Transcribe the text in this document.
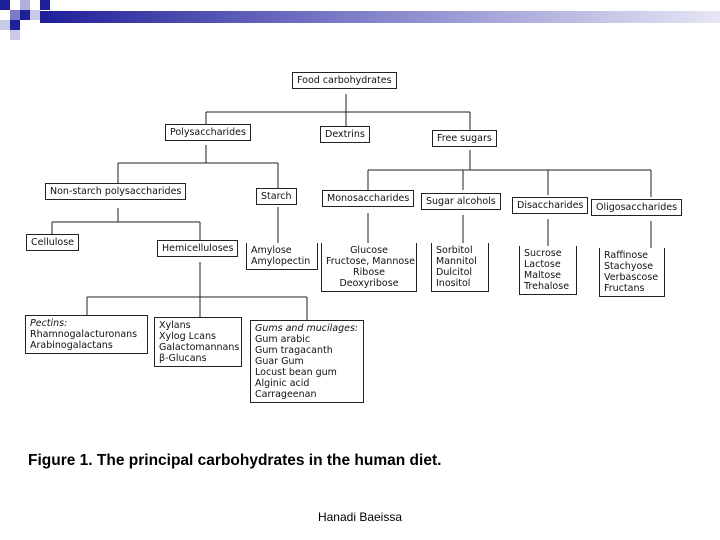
Food carbohydrates
Polysaccharides	Dextrins	Free sugars
Non-starch polysaccharides	Starch	Monosaccharides	Sugar alcohols	Disaccharides	Oligosaccharides
Cellulose
Hemicelluloses	Amylose
Amylopectin
Glucose
Fructose, Mannose
Ribose
Deoxyribose
Sorbitol
Mannitol
Dulcitol
Inositol
Sucrose
Lactose
Maltose
Trehalose
Raffinose
Stachyose
Verbascose
Fructans
Pectins:
Rhamnogalacturonans
Arabinogalactans
Xylans
Xylog Lcans
Galactomannans
β-Glucans
Gums and mucilages:
Gum arabic
Gum tragacanth
Guar Gum
Locust bean gum
Alginic acid
Carrageenan
Figure 1. The principal carbohydrates in the human diet.
Hanadi Baeissa
